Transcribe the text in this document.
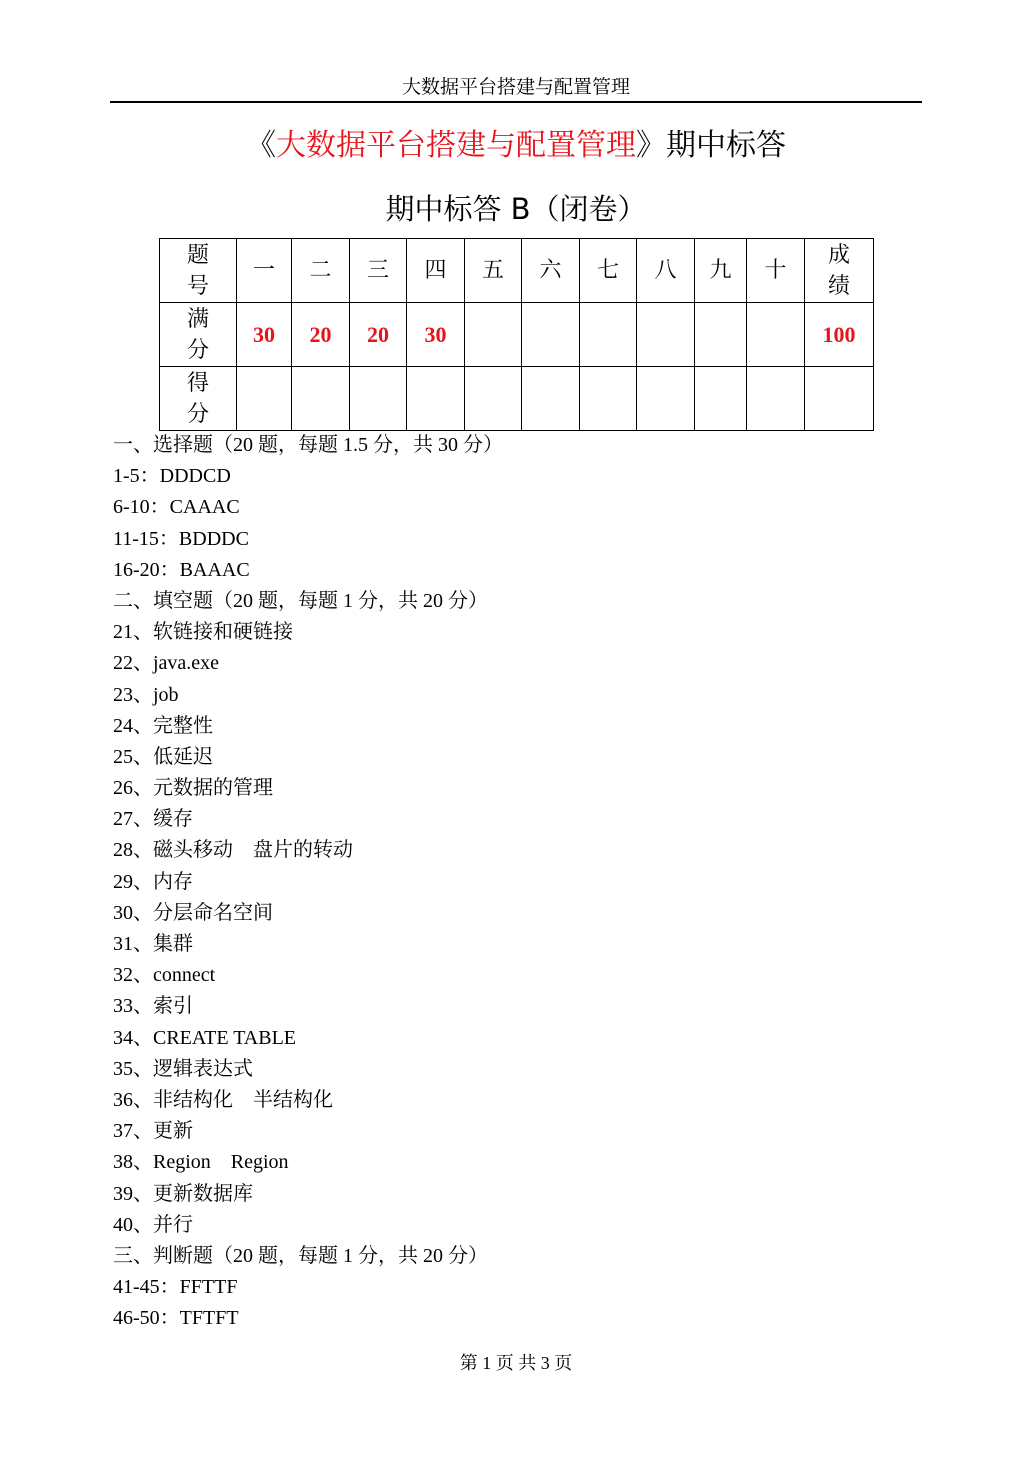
大数据平台搭建与配置管理
《大数据平台搭建与配置管理》期中标答
期中标答 B（闭卷）
题号	一	二	三	四	五	六	七	八	九	十	成绩

满分	30	20	20	30							100

得分											

一、选择题（20 题，每题 1.5 分，共 30 分）
1-5：DDDCD
6-10：CAAAC
11-15：BDDDC
16-20：BAAAC
二、填空题（20 题，每题 1 分，共 20 分）
21、软链接和硬链接
22、java.exe
23、job
24、完整性
25、低延迟
26、元数据的管理
27、缓存
28、磁头移动　盘片的转动
29、内存
30、分层命名空间
31、集群
32、connect
33、索引
34、CREATE TABLE
35、逻辑表达式
36、非结构化　半结构化
37、更新
38、Region　Region
39、更新数据库
40、并行
三、判断题（20 题，每题 1 分，共 20 分）
41-45：FFTTF
46-50：TFTFT
第 1 页 共 3 页
